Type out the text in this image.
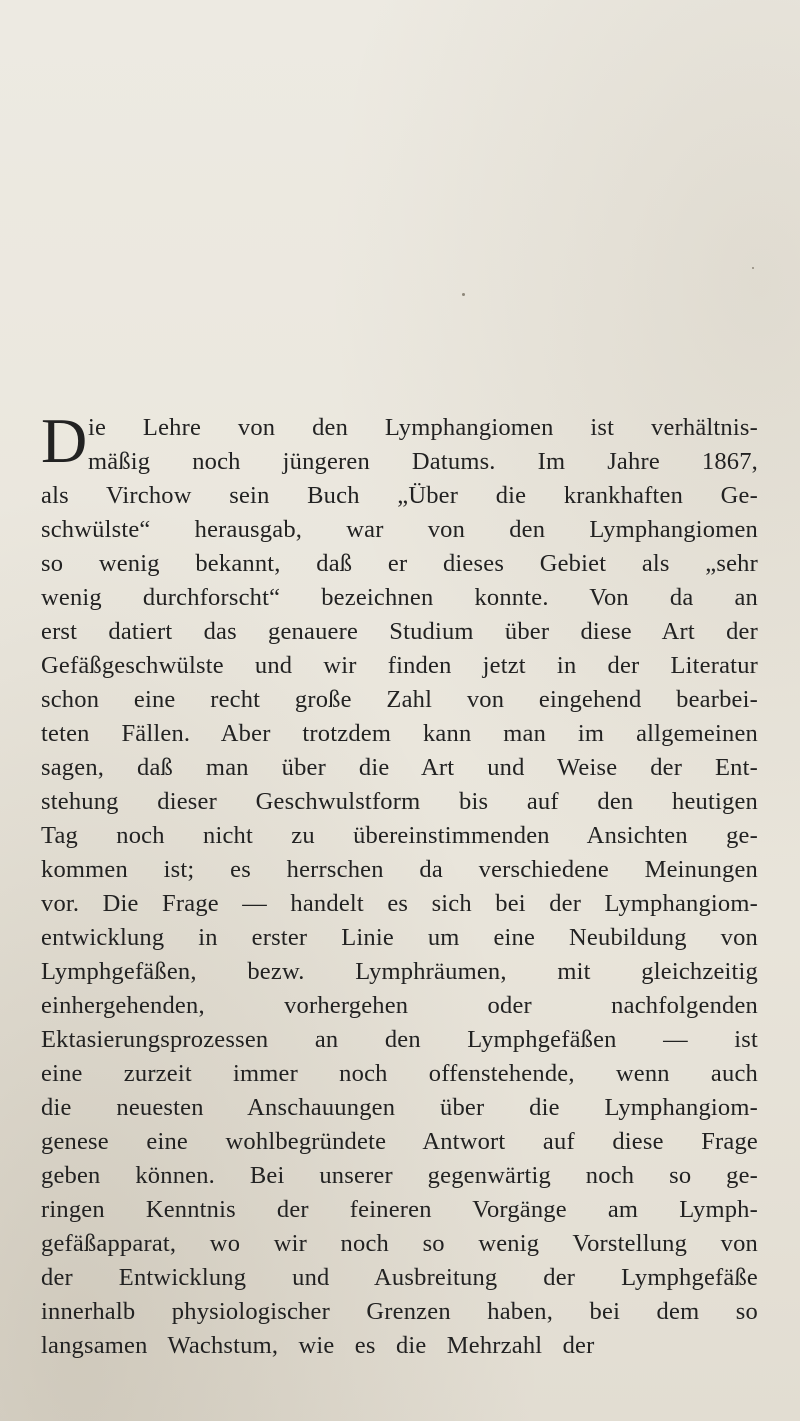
D ie Lehre von den Lymphangiomen ist verhältnis-
mäßig noch jüngeren Datums. Im Jahre 1867,
als Virchow sein Buch „Über die krankhaften Ge-
schwülste“ herausgab, war von den Lymphangiomen
so wenig bekannt, daß er dieses Gebiet als „sehr
wenig durchforscht“ bezeichnen konnte. Von da an
erst datiert das genauere Studium über diese Art der
Gefäßgeschwülste und wir finden jetzt in der Literatur
schon eine recht große Zahl von eingehend bearbei-
teten Fällen. Aber trotzdem kann man im allgemeinen
sagen, daß man über die Art und Weise der Ent-
stehung dieser Geschwulstform bis auf den heutigen
Tag noch nicht zu übereinstimmenden Ansichten ge-
kommen ist; es herrschen da verschiedene Meinungen
vor. Die Frage — handelt es sich bei der Lymphangiom-
entwicklung in erster Linie um eine Neubildung von
Lymphgefäßen, bezw. Lymphräumen, mit gleichzeitig
einhergehenden, vorhergehen oder nachfolgenden
Ektasierungsprozessen an den Lymphgefäßen — ist
eine zurzeit immer noch offenstehende, wenn auch
die neuesten Anschauungen über die Lymphangiom-
genese eine wohlbegründete Antwort auf diese Frage
geben können. Bei unserer gegenwärtig noch so ge-
ringen Kenntnis der feineren Vorgänge am Lymph-
gefäßapparat, wo wir noch so wenig Vorstellung von
der Entwicklung und Ausbreitung der Lymphgefäße
innerhalb physiologischer Grenzen haben, bei dem so
langsamen Wachstum, wie es die Mehrzahl der
